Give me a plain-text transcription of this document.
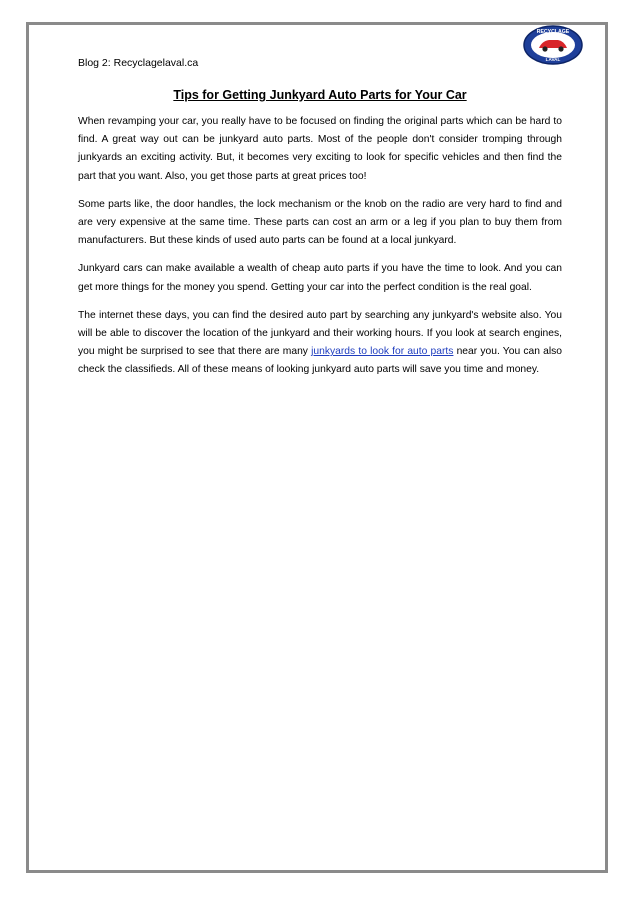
Blog 2: Recyclagelaval.ca
RECYCLAGE
LAVAL
Tips for Getting Junkyard Auto Parts for Your Car

When revamping your car, you really have to be focused on finding the original parts which can be hard to find. A great way out can be junkyard auto parts. Most of the people don't consider tromping through junkyards an exciting activity. But, it becomes very exciting to look for specific vehicles and then find the part that you want. Also, you get those parts at great prices too!

Some parts like, the door handles, the lock mechanism or the knob on the radio are very hard to find and are very expensive at the same time. These parts can cost an arm or a leg if you plan to buy them from manufacturers. But these kinds of used auto parts can be found at a local junkyard.

Junkyard cars can make available a wealth of cheap auto parts if you have the time to look. And you can get more things for the money you spend. Getting your car into the perfect condition is the real goal.

The internet these days, you can find the desired auto part by searching any junkyard's website also. You will be able to discover the location of the junkyard and their working hours. If you look at search engines, you might be surprised to see that there are many junkyards to look for auto parts near you. You can also check the classifieds. All of these means of looking junkyard auto parts will save you time and money.
